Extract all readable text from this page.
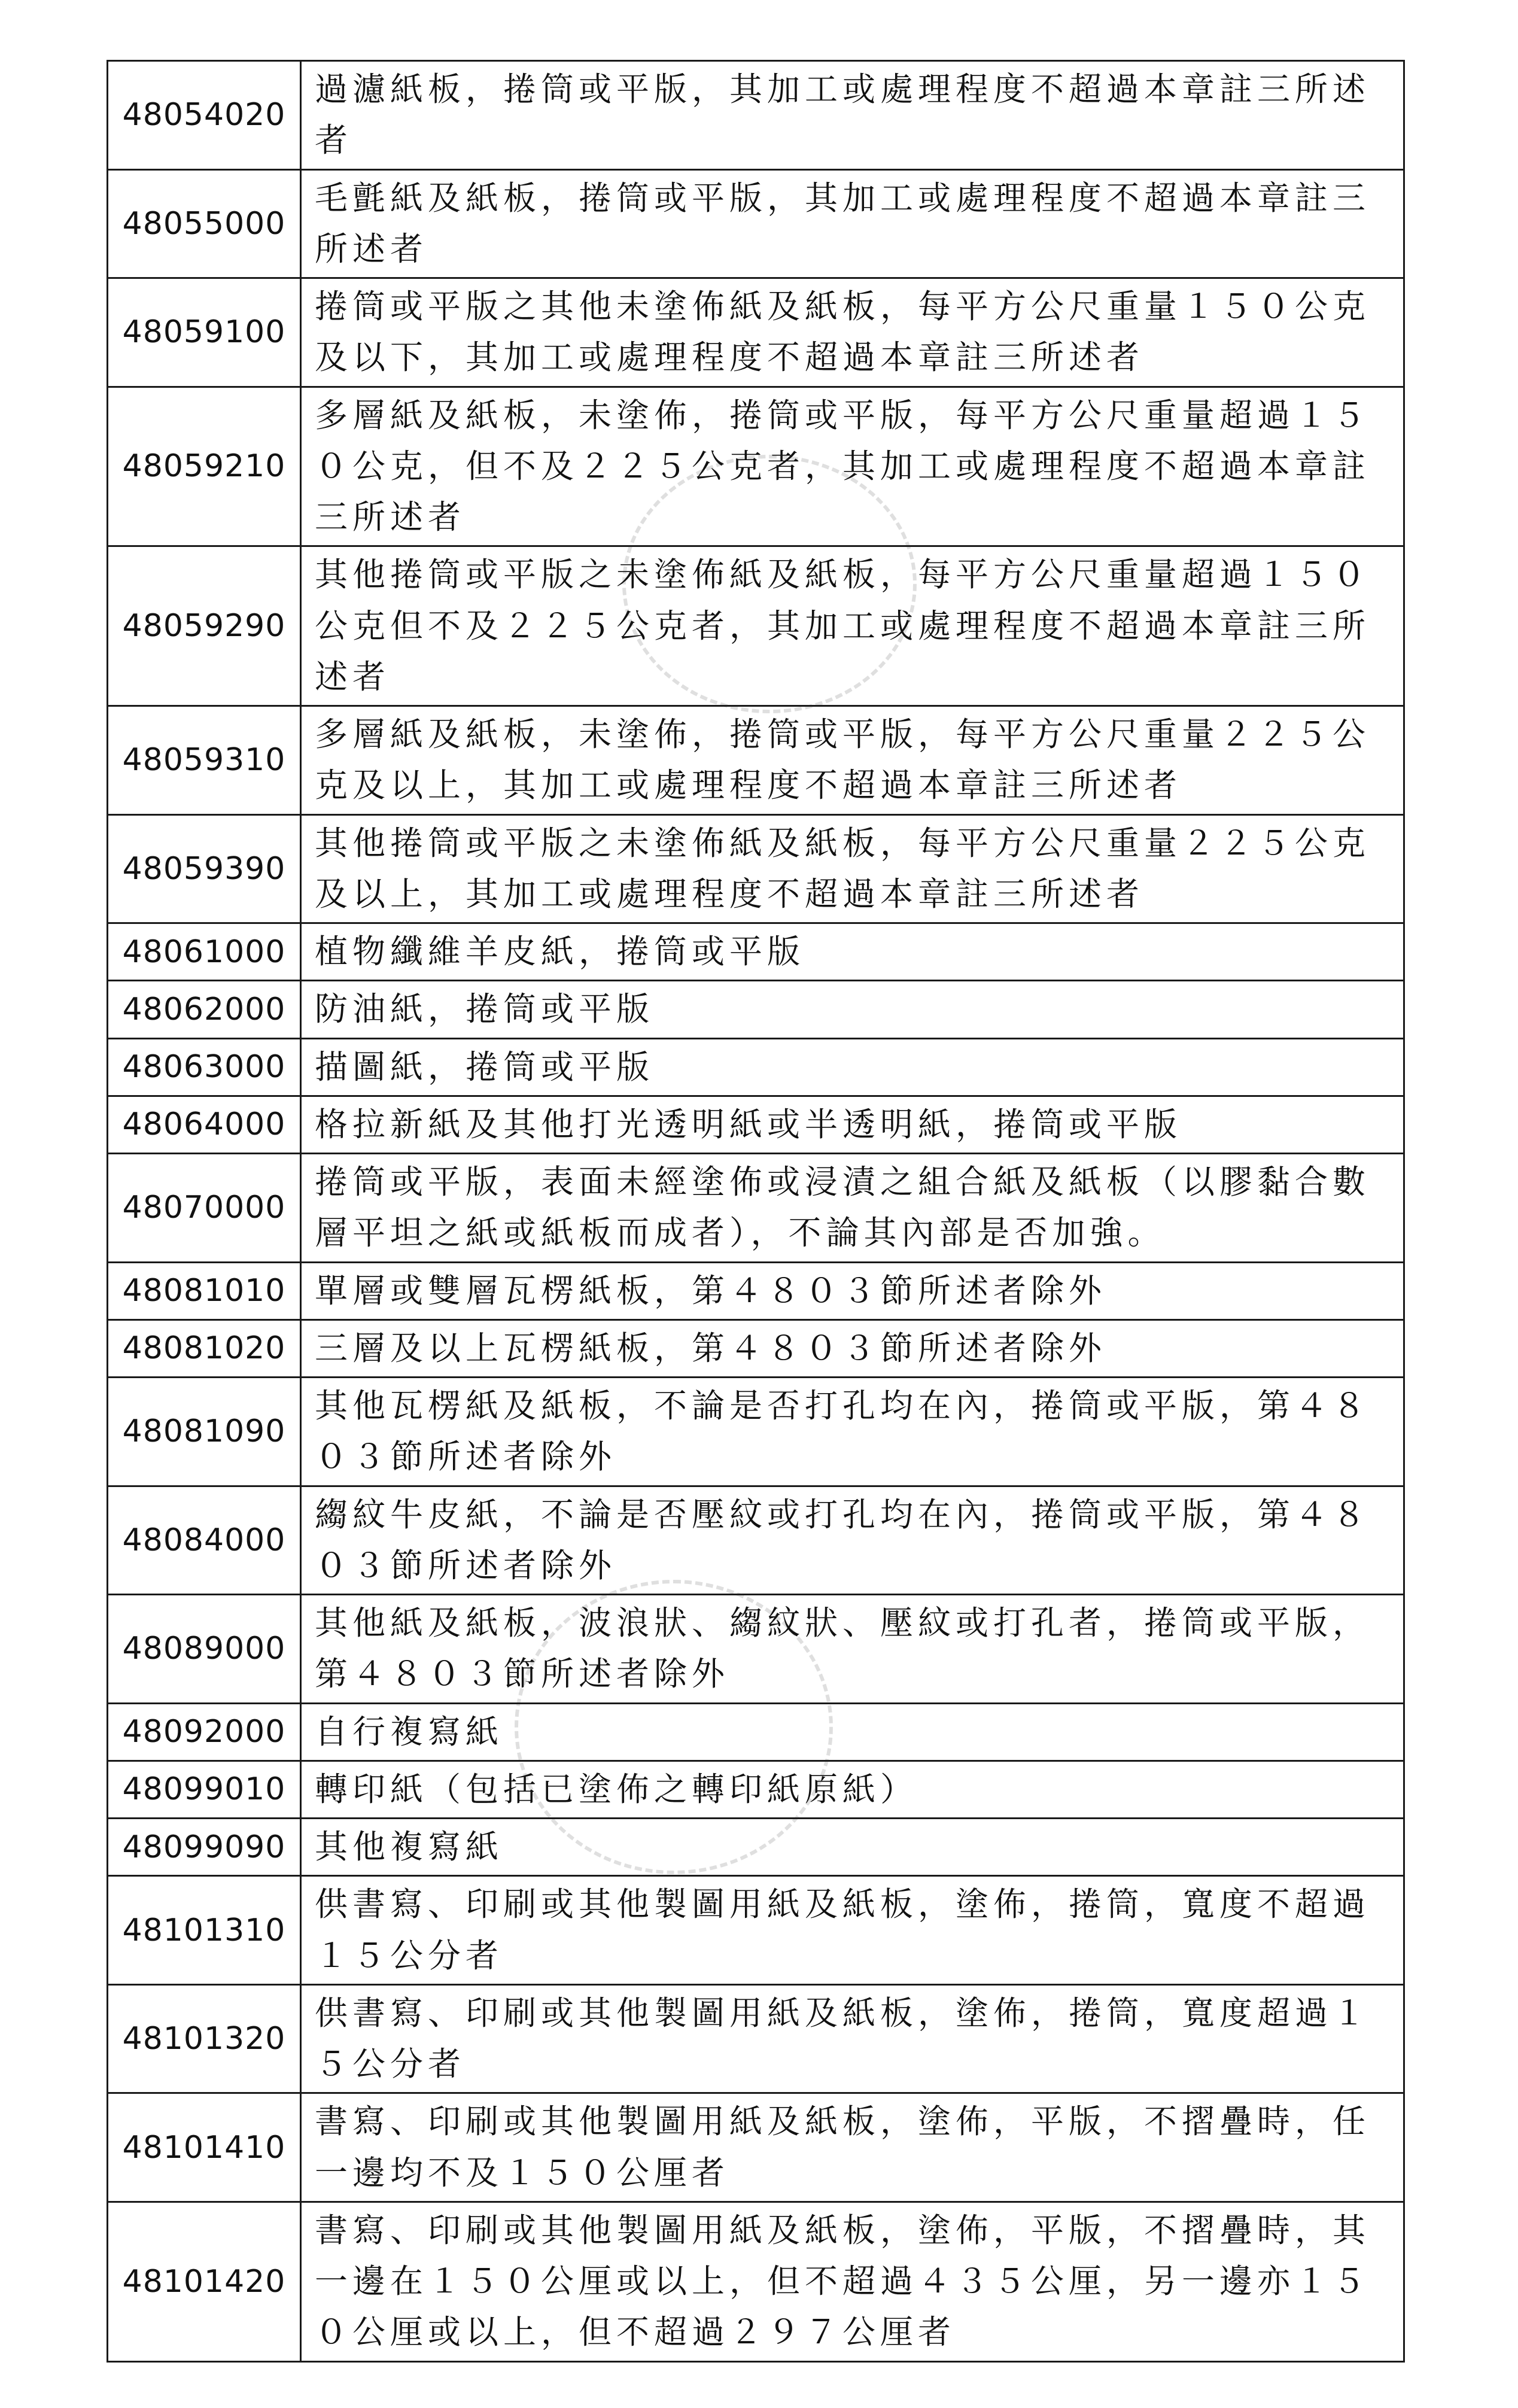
48054020	過濾紙板，捲筒或平版，其加工或處理程度不超過本章註三所述者
48055000	毛氈紙及紙板，捲筒或平版，其加工或處理程度不超過本章註三所述者
48059100	捲筒或平版之其他未塗佈紙及紙板，每平方公尺重量１５０公克及以下，其加工或處理程度不超過本章註三所述者
48059210	多層紙及紙板，未塗佈，捲筒或平版，每平方公尺重量超過１５０公克，但不及２２５公克者，其加工或處理程度不超過本章註三所述者
48059290	其他捲筒或平版之未塗佈紙及紙板，每平方公尺重量超過１５０公克但不及２２５公克者，其加工或處理程度不超過本章註三所述者
48059310	多層紙及紙板，未塗佈，捲筒或平版，每平方公尺重量２２５公克及以上，其加工或處理程度不超過本章註三所述者
48059390	其他捲筒或平版之未塗佈紙及紙板，每平方公尺重量２２５公克及以上，其加工或處理程度不超過本章註三所述者
48061000	植物纖維羊皮紙，捲筒或平版
48062000	防油紙，捲筒或平版
48063000	描圖紙，捲筒或平版
48064000	格拉新紙及其他打光透明紙或半透明紙，捲筒或平版
48070000	捲筒或平版，表面未經塗佈或浸漬之組合紙及紙板（以膠黏合數層平坦之紙或紙板而成者），不論其內部是否加強。
48081010	單層或雙層瓦楞紙板，第４８０３節所述者除外
48081020	三層及以上瓦楞紙板，第４８０３節所述者除外
48081090	其他瓦楞紙及紙板，不論是否打孔均在內，捲筒或平版，第４８０３節所述者除外
48084000	縐紋牛皮紙，不論是否壓紋或打孔均在內，捲筒或平版，第４８０３節所述者除外
48089000	其他紙及紙板，波浪狀、縐紋狀、壓紋或打孔者，捲筒或平版，第４８０３節所述者除外
48092000	自行複寫紙
48099010	轉印紙（包括已塗佈之轉印紙原紙）
48099090	其他複寫紙
48101310	供書寫、印刷或其他製圖用紙及紙板，塗佈，捲筒，寬度不超過１５公分者
48101320	供書寫、印刷或其他製圖用紙及紙板，塗佈，捲筒，寬度超過１５公分者
48101410	書寫、印刷或其他製圖用紙及紙板，塗佈，平版，不摺疊時，任一邊均不及１５０公厘者
48101420	書寫、印刷或其他製圖用紙及紙板，塗佈，平版，不摺疊時，其一邊在１５０公厘或以上，但不超過４３５公厘，另一邊亦１５０公厘或以上，但不超過２９７公厘者
